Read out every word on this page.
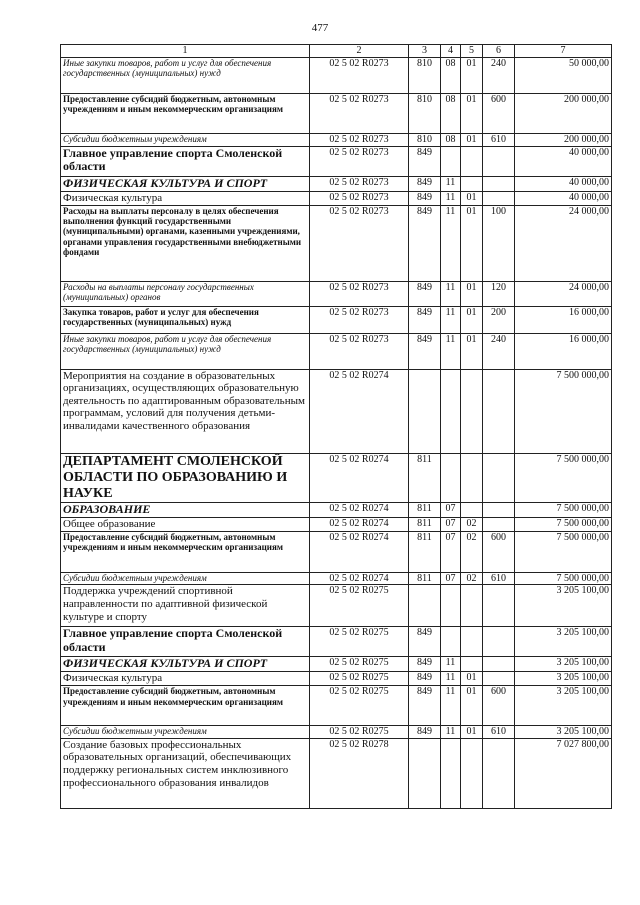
477
1	2	3	4	5	6	7
Иные закупки товаров, работ и услуг для обеспечения государственных (муниципальных) нужд	02 5 02 R0273	810	08	01	240	50 000,00
Предоставление субсидий бюджетным, автономным учреждениям и иным некоммерческим организациям	02 5 02 R0273	810	08	01	600	200 000,00
Субсидии бюджетным учреждениям	02 5 02 R0273	810	08	01	610	200 000,00
Главное управление спорта Смоленской области	02 5 02 R0273	849				40 000,00
ФИЗИЧЕСКАЯ КУЛЬТУРА И СПОРТ	02 5 02 R0273	849	11			40 000,00
Физическая культура	02 5 02 R0273	849	11	01		40 000,00
Расходы на выплаты персоналу в целях обеспечения выполнения функций государственными (муниципальными) органами, казенными учреждениями, органами управления государственными внебюджетными фондами	02 5 02 R0273	849	11	01	100	24 000,00
Расходы на выплаты персоналу государственных (муниципальных) органов	02 5 02 R0273	849	11	01	120	24 000,00
Закупка товаров, работ и услуг для обеспечения государственных (муниципальных) нужд	02 5 02 R0273	849	11	01	200	16 000,00
Иные закупки товаров, работ и услуг для обеспечения государственных (муниципальных) нужд	02 5 02 R0273	849	11	01	240	16 000,00
Мероприятия на создание в образовательных организациях, осуществляющих образовательную деятельность по адаптированным образовательным программам, условий для получения детьми-инвалидами качественного образования	02 5 02 R0274					7 500 000,00
ДЕПАРТАМЕНТ СМОЛЕНСКОЙ ОБЛАСТИ ПО ОБРАЗОВАНИЮ И НАУКЕ	02 5 02 R0274	811				7 500 000,00
ОБРАЗОВАНИЕ	02 5 02 R0274	811	07			7 500 000,00
Общее образование	02 5 02 R0274	811	07	02		7 500 000,00
Предоставление субсидий бюджетным, автономным учреждениям и иным некоммерческим организациям	02 5 02 R0274	811	07	02	600	7 500 000,00
Субсидии бюджетным учреждениям	02 5 02 R0274	811	07	02	610	7 500 000,00
Поддержка учреждений спортивной направленности по адаптивной физической культуре и спорту	02 5 02 R0275					3 205 100,00
Главное управление спорта Смоленской области	02 5 02 R0275	849				3 205 100,00
ФИЗИЧЕСКАЯ КУЛЬТУРА И СПОРТ	02 5 02 R0275	849	11			3 205 100,00
Физическая культура	02 5 02 R0275	849	11	01		3 205 100,00
Предоставление субсидий бюджетным, автономным учреждениям и иным некоммерческим организациям	02 5 02 R0275	849	11	01	600	3 205 100,00
Субсидии бюджетным учреждениям	02 5 02 R0275	849	11	01	610	3 205 100,00
Создание базовых профессиональных образовательных организаций, обеспечивающих поддержку региональных систем инклюзивного профессионального образования инвалидов	02 5 02 R0278					7 027 800,00
